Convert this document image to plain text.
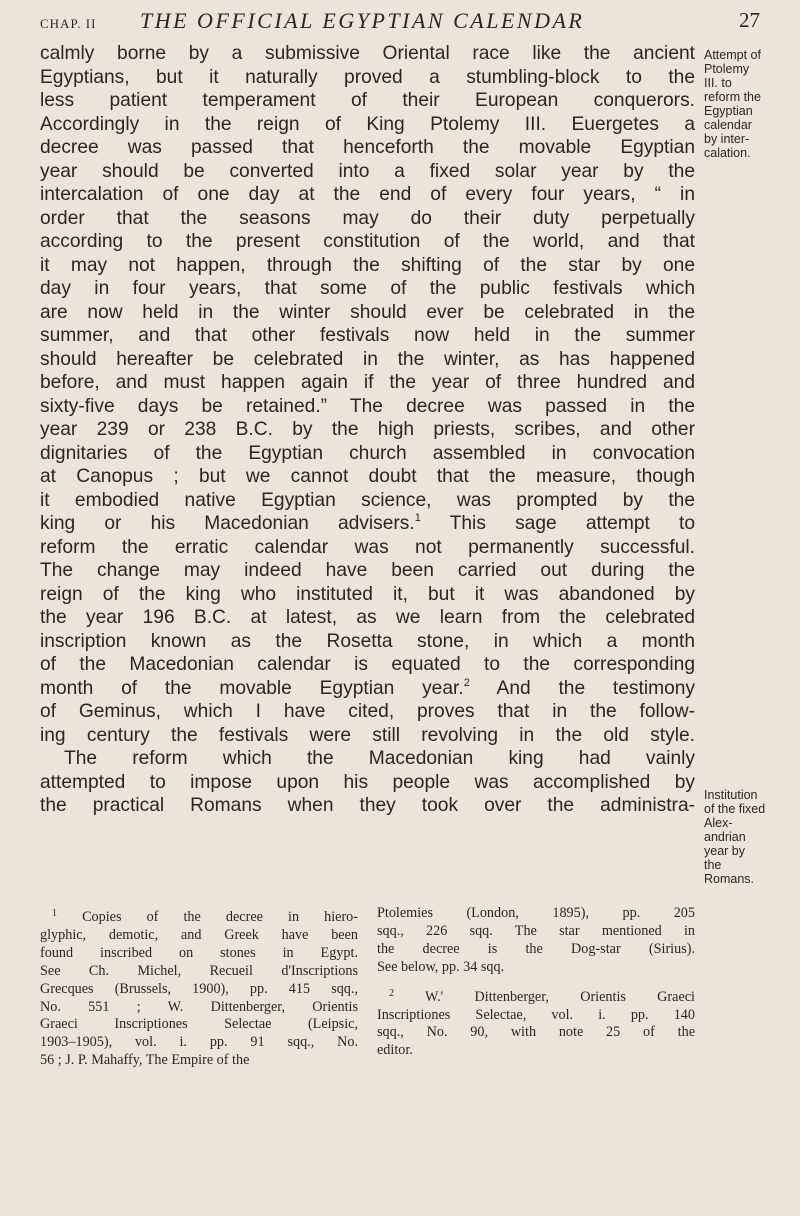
CHAP. II THE OFFICIAL EGYPTIAN CALENDAR	27
calmly borne by a submissive Oriental race like the ancient
Egyptians, but it naturally proved a stumbling-block to the
less patient temperament of their European conquerors.
Accordingly in the reign of King Ptolemy III. Euergetes a
decree was passed that henceforth the movable Egyptian
year should be converted into a fixed solar year by the
intercalation of one day at the end of every four years, “ in
order that the seasons may do their duty perpetually
according to the present constitution of the world, and that
it may not happen, through the shifting of the star by one
day in four years, that some of the public festivals which
are now held in the winter should ever be celebrated in the
summer, and that other festivals now held in the summer
should hereafter be celebrated in the winter, as has happened
before, and must happen again if the year of three hundred and
sixty-five days be retained.” The decree was passed in the
year 239 or 238 B.C. by the high priests, scribes, and other
dignitaries of the Egyptian church assembled in convocation
at Canopus ; but we cannot doubt that the measure, though
it embodied native Egyptian science, was prompted by the
king or his Macedonian advisers.$^1$ This sage attempt to
reform the erratic calendar was not permanently successful.
The change may indeed have been carried out during the
reign of the king who instituted it, but it was abandoned by
the year 196 B.C. at latest, as we learn from the celebrated
inscription known as the Rosetta stone, in which a month
of the Macedonian calendar is equated to the corresponding
month of the movable Egyptian year.$^2$ And the testimony
of Geminus, which I have cited, proves that in the follow-
ing century the festivals were still revolving in the old style.
The reform which the Macedonian king had vainly
attempted to impose upon his people was accomplished by
the practical Romans when they took over the administra-
Attempt of
Ptolemy
III. to
reform the
Egyptian
calendar
by inter-
calation.
Institution
of the fixed
Alex-
andrian
year by
the
Romans.
$^1$ Copies of the decree in hiero-
glyphic, demotic, and Greek have been
found inscribed on stones in Egypt.
See Ch. Michel, Recueil d'Inscriptions
Grecques (Brussels, 1900), pp. 415 sqq.,
No. 551 ; W. Dittenberger, Orientis
Graeci Inscriptiones Selectae (Leipsic,
1903–1905), vol. i. pp. 91 sqq., No.
56 ; J. P. Mahaffy, The Empire of the
Ptolemies (London, 1895), pp. 205
sqq., 226 sqq. The star mentioned in
the decree is the Dog-star (Sirius).
See below, pp. 34 sqq.
$^2$ W.' Dittenberger, Orientis Graeci
Inscriptiones Selectae, vol. i. pp. 140
sqq., No. 90, with note 25 of the
editor.
